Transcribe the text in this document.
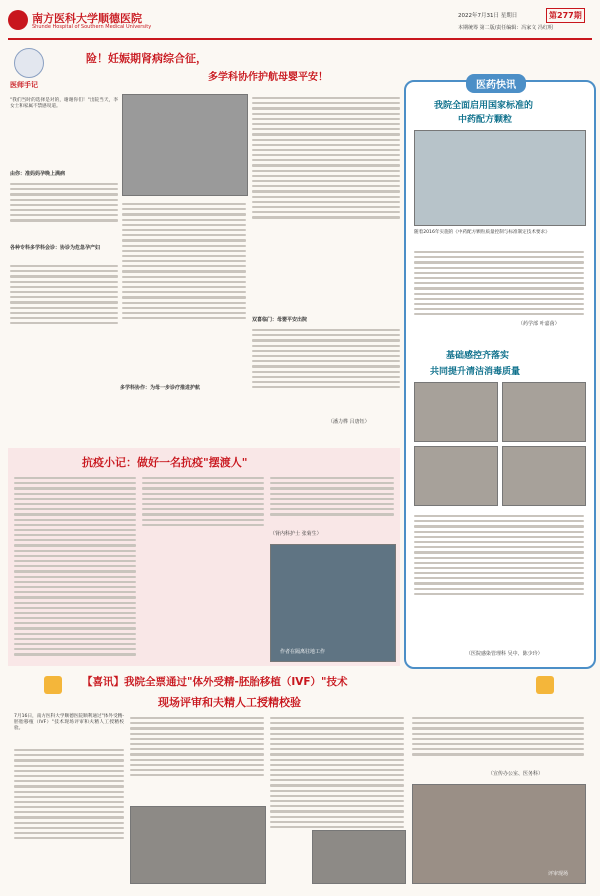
南方医科大学顺德医院
Shunde Hospital of Southern Medical University
2022年7月31日 星期日	第277期
本期统筹 第二版/责任编辑：冯家文 冯红明
医师手记
险！妊娠期肾病综合征，
多学科协作护航母婴平安！
"我们当时的选择是对的，谢谢你们！"出院当天，李女士和家属不禁感叹道。
由你：准妈妈孕晚上满病
各种专科多学科会诊：协诊为危急孕产妇
多学科协作：为母一步诊疗推进护航
双喜临门：母婴平安出院
（潘力桦 吕唐钰）
医药快讯
我院全面启用国家标准的
中药配方颗粒
随着2016年实施的《中药配方颗粒质量控制与标准制定技术要求》
（药学部 叶嘉茵）
基础感控齐落实
共同提升清洁消毒质量
（医院感染管理科 吴中、陈少玲）
抗疫小记：做好一名抗疫"摆渡人"
（肾内科护士 张菊生）
作者在隔离驻地工作
【喜讯】我院全票通过"体外受精-胚胎移植（IVF）"技术
现场评审和夫精人工授精校验
7月16日，南方医科大学顺德医院顺利通过"体外受精-胚胎移植（IVF）"技术现场评审和夫精人工授精校验。
（宣传办公室、医务科）
评审现场
